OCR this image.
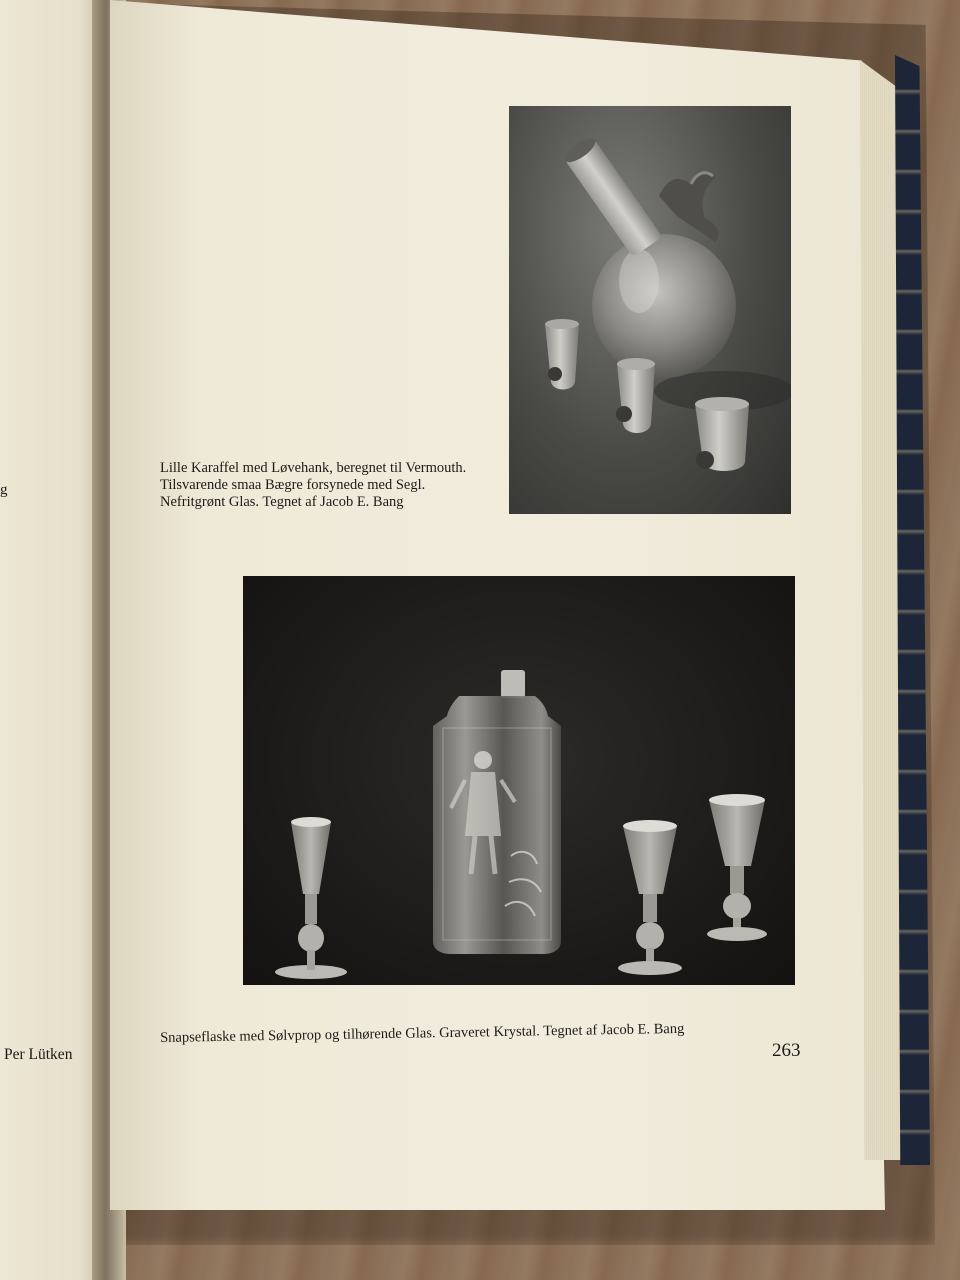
g
Per Lütken
Lille Karaffel med Løvehank, beregnet til Vermouth.
Tilsvarende smaa Bægre forsynede med Segl.
Nefritgrønt Glas. Tegnet af Jacob E. Bang
Snapseflaske med Sølvprop og tilhørende Glas. Graveret Krystal. Tegnet af Jacob E. Bang
263
